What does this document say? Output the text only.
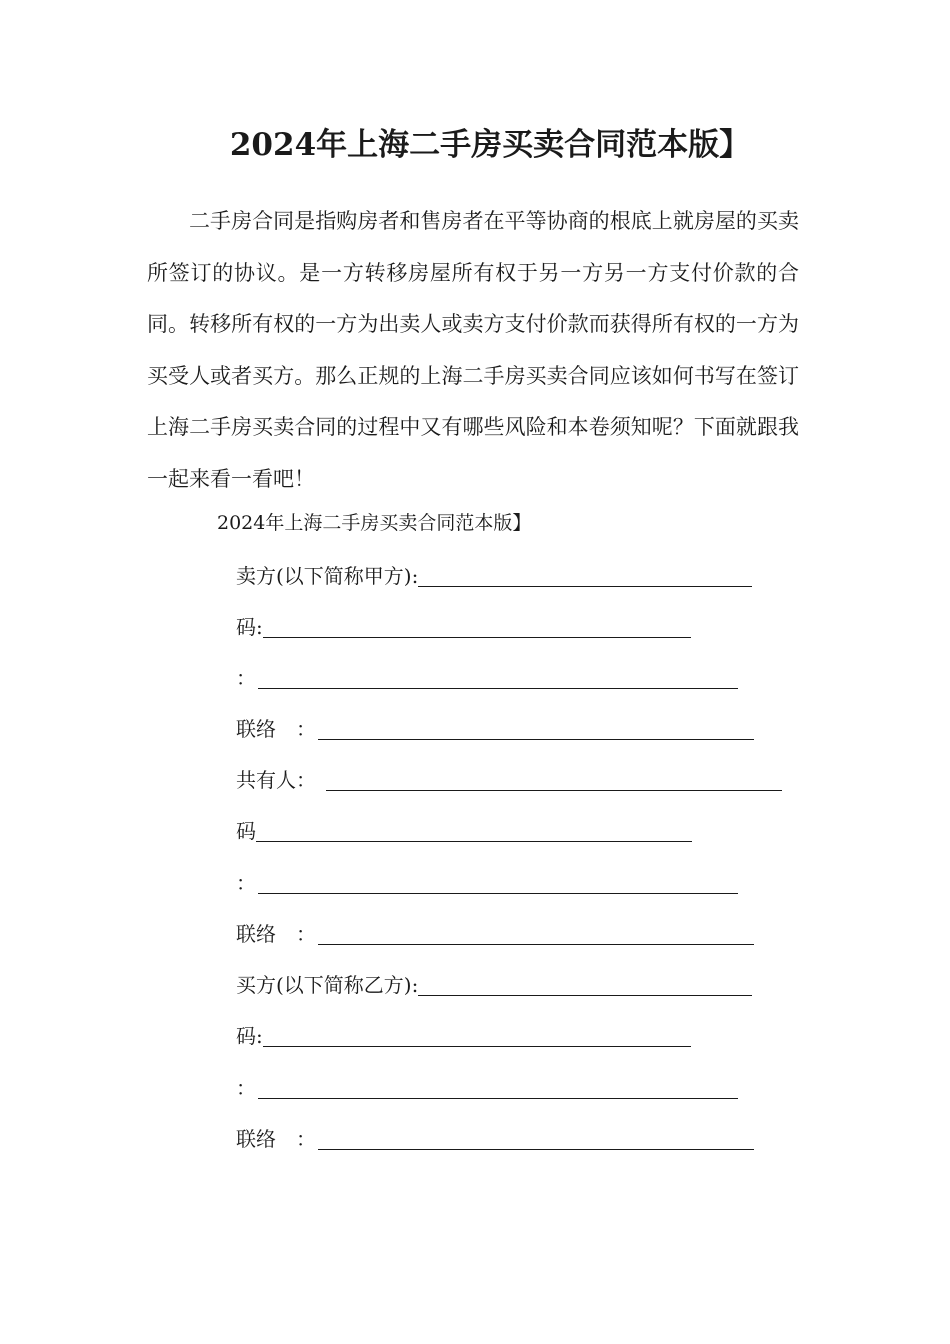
2024年上海二手房买卖合同范本版】

二手房合同是指购房者和售房者在平等协商的根底上就房屋的买卖所签订的协议。是一方转移房屋所有权于另一方另一方支付价款的合同。转移所有权的一方为出卖人或卖方支付价款而获得所有权的一方为买受人或者买方。那么正规的上海二手房买卖合同应该如何书写在签订上海二手房买卖合同的过程中又有哪些风险和本卷须知呢？下面就跟我一起来看一看吧！

2024年上海二手房买卖合同范本版】
卖方(以下简称甲方):
码:
：
联络　：
共有人：
码
：
联络　：
买方(以下简称乙方):
码:
：
联络　：
